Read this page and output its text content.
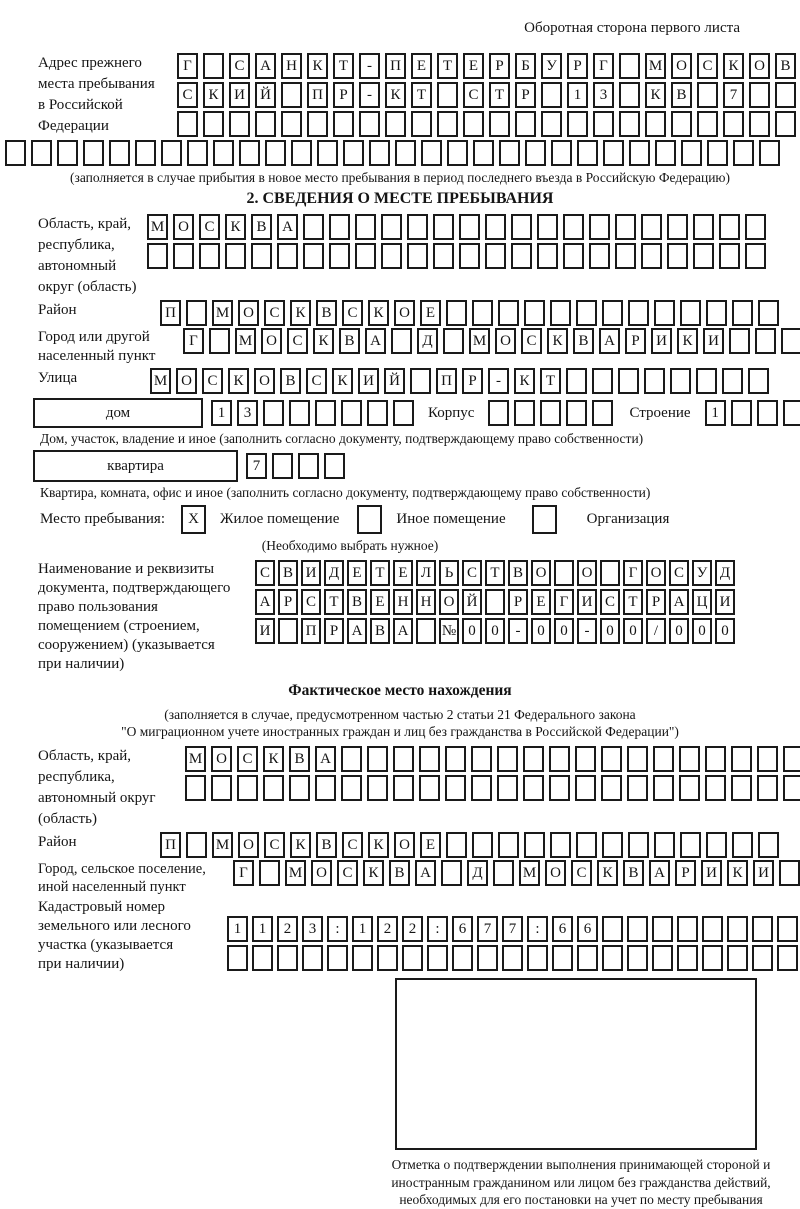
Оборотная сторона первого листа
Адрес прежнего
места пребывания
в Российской
Федерации
Г	С	А	Н	К	Т	-	П	Е	Т	Е	Р	Б	У	Р	Г	М О	С	К	О	В
С	К	И	Й	П	Р	-	К	Т	С	Т	Р	1	3	К	В	7
(заполняется в случае прибытия в новое место пребывания в период последнего въезда в Российскую Федерацию)
2. СВЕДЕНИЯ О МЕСТЕ ПРЕБЫВАНИЯ
Область, край,
республика,
автономный
округ (область)
М О	С	К	В	А
Район	П	М О	С	К	В	С	К	О	Е
Город или другой
населенный пункт
Г	М О	С	К	В	А	Д	М О	С	К	В	А	Р	И	К	И
Улица	М О	С	К	О	В	С	К	И	Й	П	Р	-	К	Т
дом	1	3	Корпус	Строение	1
Дом, участок, владение и иное (заполнить согласно документу, подтверждающему право собственности)
квартира	7
Квартира, комната, офис и иное (заполнить согласно документу, подтверждающему право собственности)
Место пребывания:	X	Жилое помещение	Иное помещение	Организация
(Необходимо выбрать нужное)
Наименование и реквизиты
документа, подтверждающего
право пользования
помещением (строением,
сооружением) (указывается
при наличии)
С В И Д Е Т Е Л Ь С Т В О	О	Г О С У Д
А Р С Т В Е Н Н О Й	Р Е Г И С Т Р А Ц И
И	П Р А В А	№ 0	0	-	0	0	-	0	0	/	0	0	0
Фактическое место нахождения
(заполняется в случае, предусмотренном частью 2 статьи 21 Федерального закона
"О миграционном учете иностранных граждан и лиц без гражданства в Российской Федерации")
Область, край,
республика,
автономный округ
(область)
М О	С	К	В	А
Район	П	М О	С	К	В	С	К	О	Е
Город, сельское поселение,
иной населенный пункт
Г	М О	С	К	В	А	Д	М О	С	К	В	А	Р	И	К	И
Кадастровый номер
земельного или лесного
участка (указывается
при наличии)
1	1	2	3	:	1	2	2	:	6	7	7	:	6	6
Отметка о подтверждении выполнения принимающей стороной и иностранным гражданином или лицом без гражданства действий, необходимых для его постановки на учет по месту пребывания
